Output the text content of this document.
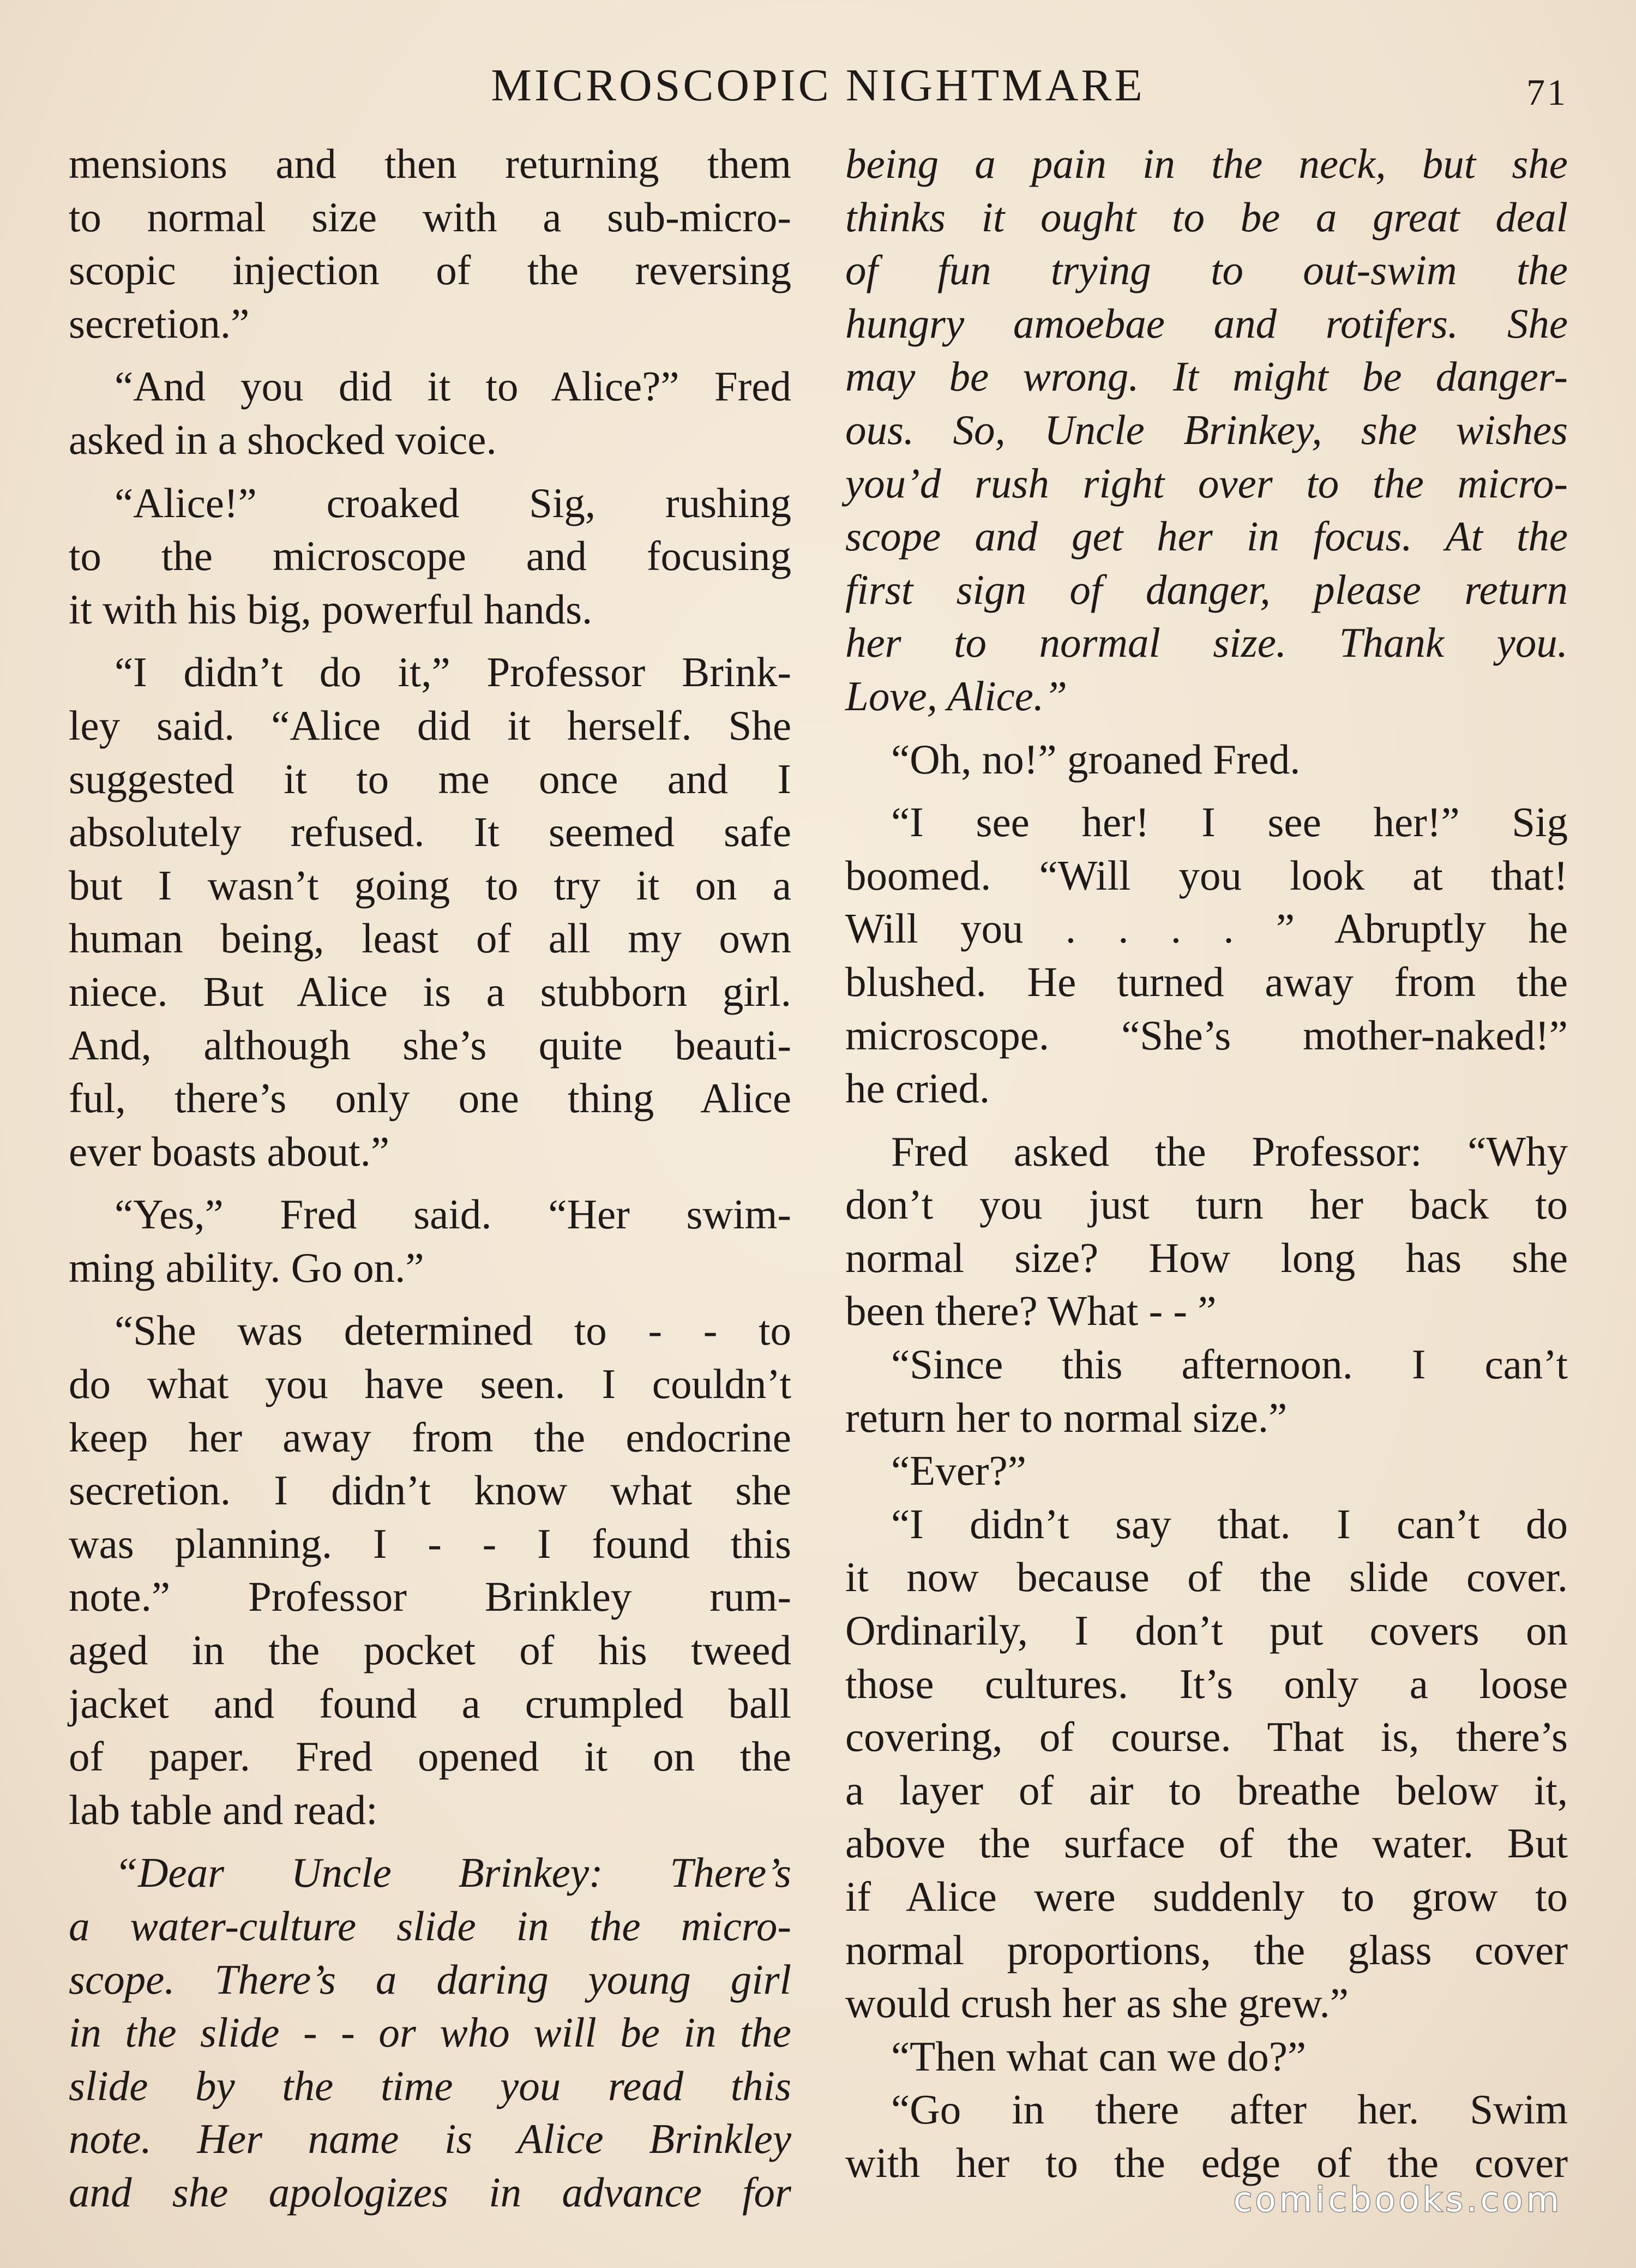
MICROSCOPIC NIGHTMARE	71

mensions and then returning them
to normal size with a sub-micro-
scopic injection of the reversing
secretion.”

“And you did it to Alice?” Fred
asked in a shocked voice.

“Alice!” croaked Sig, rushing
to the microscope and focusing
it with his big, powerful hands.

“I didn’t do it,” Professor Brink-
ley said. “Alice did it herself. She
suggested it to me once and I
absolutely refused. It seemed safe
but I wasn’t going to try it on a
human being, least of all my own
niece. But Alice is a stubborn girl.
And, although she’s quite beauti-
ful, there’s only one thing Alice
ever boasts about.”

“Yes,” Fred said. “Her swim-
ming ability. Go on.”

“She was determined to - - to
do what you have seen. I couldn’t
keep her away from the endocrine
secretion. I didn’t know what she
was planning. I - - I found this
note.” Professor Brinkley rum-
aged in the pocket of his tweed
jacket and found a crumpled ball
of paper. Fred opened it on the
lab table and read:

“Dear Uncle Brinkey: There’s
a water-culture slide in the micro-
scope. There’s a daring young girl
in the slide - - or who will be in the
slide by the time you read this
note. Her name is Alice Brinkley
and she apologizes in advance for

being a pain in the neck, but she
thinks it ought to be a great deal
of fun trying to out-swim the
hungry amoebae and rotifers. She
may be wrong. It might be danger-
ous. So, Uncle Brinkey, she wishes
you’d rush right over to the micro-
scope and get her in focus. At the
first sign of danger, please return
her to normal size. Thank you.
Love, Alice.”

“Oh, no!” groaned Fred.

“I see her! I see her!” Sig
boomed. “Will you look at that!
Will you . . . . ” Abruptly he
blushed. He turned away from the
microscope. “She’s mother-naked!”
he cried.

Fred asked the Professor: “Why
don’t you just turn her back to
normal size? How long has she
been there? What - - ”

“Since this afternoon. I can’t
return her to normal size.”

“Ever?”

“I didn’t say that. I can’t do
it now because of the slide cover.
Ordinarily, I don’t put covers on
those cultures. It’s only a loose
covering, of course. That is, there’s
a layer of air to breathe below it,
above the surface of the water. But
if Alice were suddenly to grow to
normal proportions, the glass cover
would crush her as she grew.”

“Then what can we do?”

“Go in there after her. Swim
with her to the edge of the cover

comicbooks.com
